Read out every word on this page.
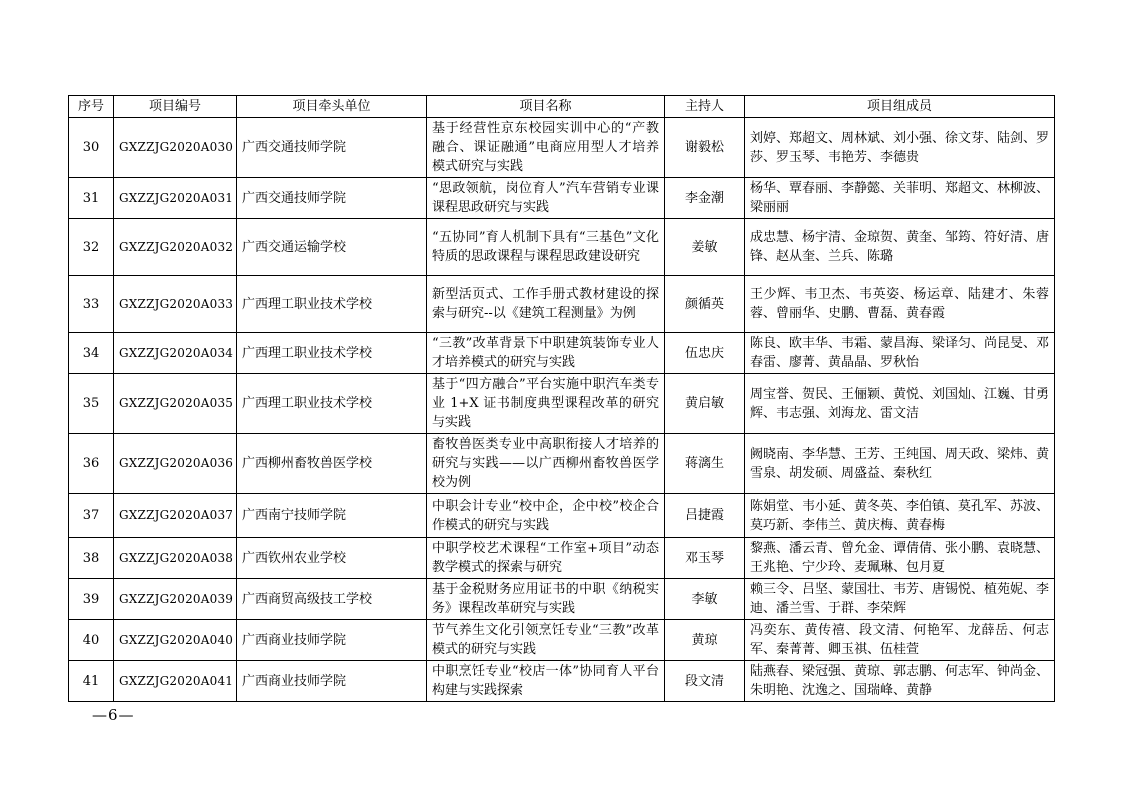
序号	项目编号	项目牵头单位	项目名称	主持人	项目组成员
30	GXZZJG2020A030	广西交通技师学院	基于经营性京东校园实训中心的“产教融合、课证融通”电商应用型人才培养模式研究与实践	谢毅松	刘婷、郑超文、周林斌、刘小强、徐文芽、陆剑、罗莎、罗玉琴、韦艳芳、李德贵
31	GXZZJG2020A031	广西交通技师学院	“思政领航，岗位育人”汽车营销专业课课程思政研究与实践	李金潮	杨华、覃春丽、李静懿、关菲明、郑超文、林柳波、梁丽丽
32	GXZZJG2020A032	广西交通运输学校	“五协同”育人机制下具有“三基色”文化特质的思政课程与课程思政建设研究	姜敏	成忠慧、杨宇清、金琼贺、黄奎、邹筠、符好清、唐锋、赵从奎、兰兵、陈璐
33	GXZZJG2020A033	广西理工职业技术学校	新型活页式、工作手册式教材建设的探索与研究--以《建筑工程测量》为例	颜循英	王少辉、韦卫杰、韦英姿、杨运章、陆建才、朱蓉蓉、曾丽华、史鹏、曹磊、黄春霞
34	GXZZJG2020A034	广西理工职业技术学校	“三教”改革背景下中职建筑装饰专业人才培养模式的研究与实践	伍忠庆	陈良、欧丰华、韦霜、蒙昌海、梁译匀、尚昆旻、邓春雷、廖菁、黄晶晶、罗秋怡
35	GXZZJG2020A035	广西理工职业技术学校	基于“四方融合”平台实施中职汽车类专业 1+X 证书制度典型课程改革的研究与实践	黄启敏	周宝誉、贺民、王俪颖、黄悦、刘国灿、江巍、甘勇辉、韦志强、刘海龙、雷文洁
36	GXZZJG2020A036	广西柳州畜牧兽医学校	畜牧兽医类专业中高职衔接人才培养的研究与实践——以广西柳州畜牧兽医学校为例	蒋漓生	阙晓南、李华慧、王芳、王纯国、周天政、梁炜、黄雪泉、胡发硕、周盛益、秦秋红
37	GXZZJG2020A037	广西南宁技师学院	中职会计专业“校中企，企中校”校企合作模式的研究与实践	吕捷霞	陈娟堂、韦小延、黄冬英、李伯镇、莫孔军、苏波、莫巧新、李伟兰、黄庆梅、黄春梅
38	GXZZJG2020A038	广西钦州农业学校	中职学校艺术课程“工作室+项目”动态教学模式的探索与研究	邓玉琴	黎燕、潘云青、曾允金、谭倩倩、张小鹏、袁晓慧、王兆艳、宁少玲、麦珮琳、包月夏
39	GXZZJG2020A039	广西商贸高级技工学校	基于金税财务应用证书的中职《纳税实务》课程改革研究与实践	李敏	赖三令、吕坚、蒙国壮、韦芳、唐锡悦、植苑妮、李迪、潘兰雪、于群、李荣辉
40	GXZZJG2020A040	广西商业技师学院	节气养生文化引领烹饪专业“三教”改革模式的研究与实践	黄琼	冯奕东、黄传禧、段文清、何艳军、龙薛岳、何志军、秦菁菁、卿玉祺、伍桂萱
41	GXZZJG2020A041	广西商业技师学院	中职烹饪专业“校店一体”协同育人平台构建与实践探索	段文清	陆燕春、梁冠强、黄琼、郭志鹏、何志军、钟尚金、朱明艳、沈逸之、国瑞峰、黄静
—6—
